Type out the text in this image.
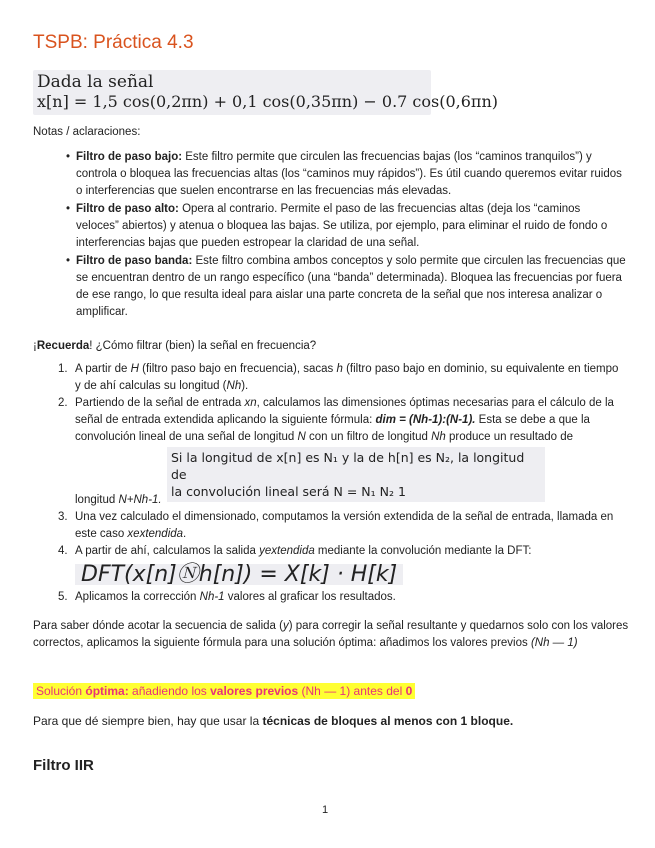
TSPB: Práctica 4.3
Dada la señal
x[n] = 1,5 cos(0,2πn) + 0,1 cos(0,35πn) − 0.7 cos(0,6πn)
Notas / aclaraciones:
• Filtro de paso bajo: Este filtro permite que circulen las frecuencias bajas (los “caminos tranquilos”) y controla o bloquea las frecuencias altas (los “caminos muy rápidos”). Es útil cuando queremos evitar ruidos o interferencias que suelen encontrarse en las frecuencias más elevadas.
• Filtro de paso alto: Opera al contrario. Permite el paso de las frecuencias altas (deja los “caminos veloces” abiertos) y atenua o bloquea las bajas. Se utiliza, por ejemplo, para eliminar el ruido de fondo o interferencias bajas que pueden estropear la claridad de una señal.
• Filtro de paso banda: Este filtro combina ambos conceptos y solo permite que circulen las frecuencias que se encuentran dentro de un rango específico (una “banda” determinada). Bloquea las frecuencias por fuera de ese rango, lo que resulta ideal para aislar una parte concreta de la señal que nos interesa analizar o amplificar.
¡Recuerda! ¿Cómo filtrar (bien) la señal en frecuencia?
1. A partir de H (filtro paso bajo en frecuencia), sacas h (filtro paso bajo en dominio, su equivalente en tiempo y de ahí calculas su longitud (Nh).
2. Partiendo de la señal de entrada xn, calculamos las dimensiones óptimas necesarias para el cálculo de la señal de entrada extendida aplicando la siguiente fórmula: dim = (Nh-1):(N-1). Esta se debe a que la convolución lineal de una señal de longitud N con un filtro de longitud Nh produce un resultado de
Si la longitud de x[n] es N₁ y la de h[n] es N₂, la longitud de
la convolución lineal será N = N₁ N₂ 1
longitud N+Nh-1.
3. Una vez calculado el dimensionado, computamos la versión extendida de la señal de entrada, llamada en este caso xextendida.
4. A partir de ahí, calculamos la salida yextendida mediante la convolución mediante la DFT:
DFT(x[n]Ⓝh[n]) = X[k] · H[k]
5. Aplicamos la corrección Nh-1 valores al graficar los resultados.
Para saber dónde acotar la secuencia de salida (y) para corregir la señal resultante y quedarnos solo con los valores correctos, aplicamos la siguiente fórmula para una solución óptima: añadimos los valores previos (Nh — 1)
Solución óptima: añadiendo los valores previos (Nh — 1) antes del 0
Para que dé siempre bien, hay que usar la técnicas de bloques al menos con 1 bloque.
Filtro IIR
1
